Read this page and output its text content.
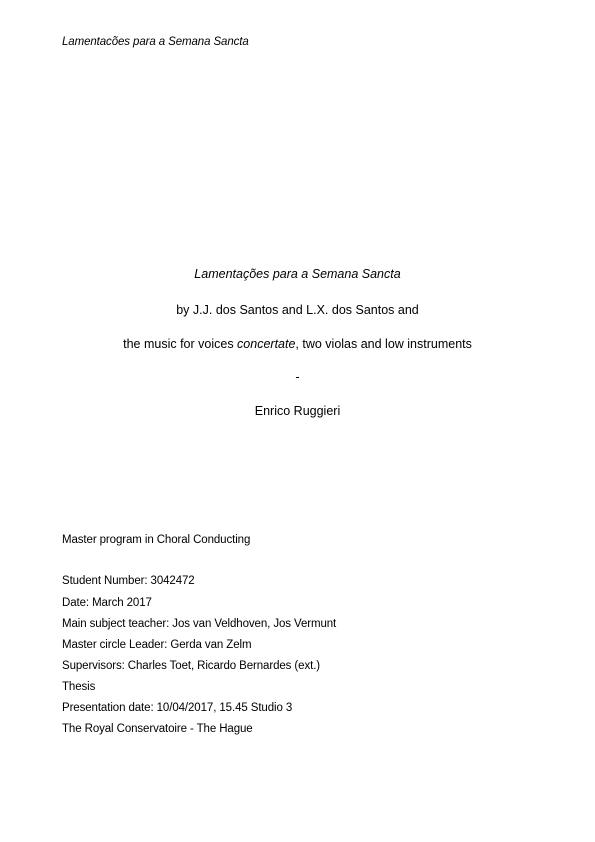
Lamentacões para a Semana Sancta
Lamentações para a Semana Sancta
by J.J. dos Santos and L.X. dos Santos and
the music for voices concertate, two violas and low instruments
-
Enrico Ruggieri
Master program in Choral Conducting
Student Number: 3042472
Date: March 2017
Main subject teacher: Jos van Veldhoven, Jos Vermunt
Master circle Leader: Gerda van Zelm
Supervisors: Charles Toet, Ricardo Bernardes (ext.)
Thesis
Presentation date: 10/04/2017, 15.45 Studio 3
The Royal Conservatoire - The Hague
